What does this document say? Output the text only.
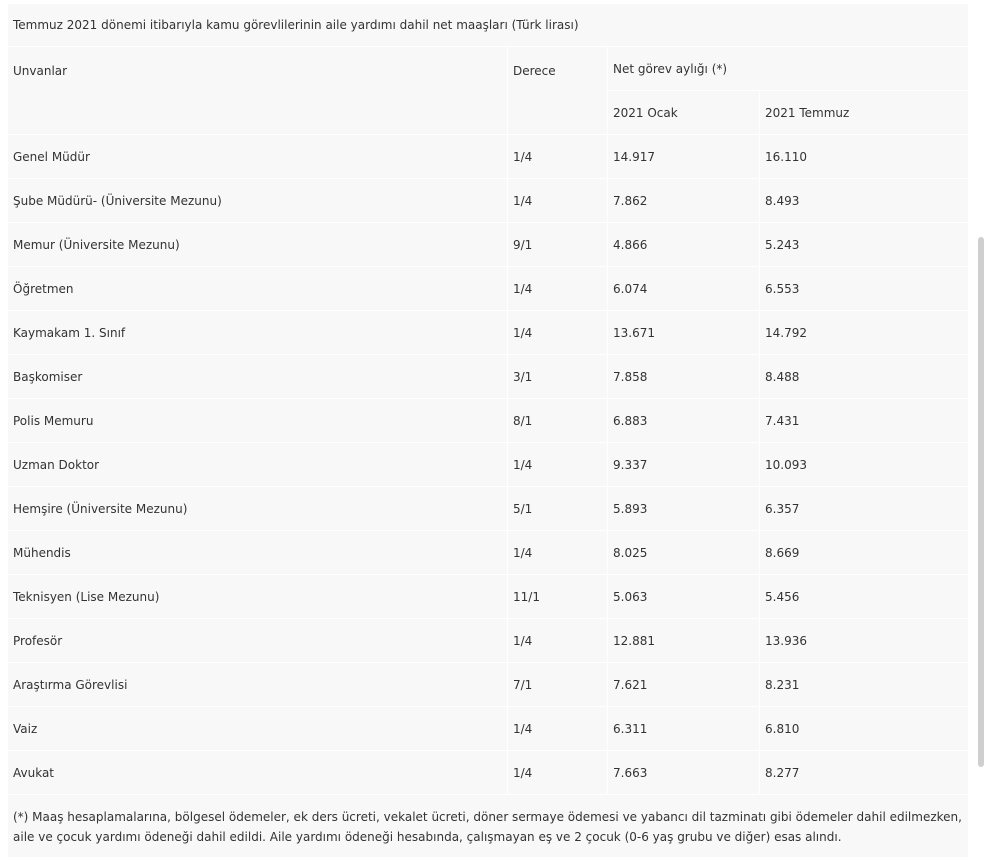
Temmuz 2021 dönemi itibarıyla kamu görevlilerinin aile yardımı dahil net maaşları (Türk lirası)			
Unvanlar	Derece	Net görev aylığı (*)	
		2021 Ocak	2021 Temmuz
Genel Müdür	1/4	14.917	16.110
Şube Müdürü- (Üniversite Mezunu)	1/4	7.862	8.493
Memur (Üniversite Mezunu)	9/1	4.866	5.243
Öğretmen	1/4	6.074	6.553
Kaymakam 1. Sınıf	1/4	13.671	14.792
Başkomiser	3/1	7.858	8.488
Polis Memuru	8/1	6.883	7.431
Uzman Doktor	1/4	9.337	10.093
Hemşire (Üniversite Mezunu)	5/1	5.893	6.357
Mühendis	1/4	8.025	8.669
Teknisyen (Lise Mezunu)	11/1	5.063	5.456
Profesör	1/4	12.881	13.936
Araştırma Görevlisi	7/1	7.621	8.231
Vaiz	1/4	6.311	6.810
Avukat	1/4	7.663	8.277
(*) Maaş hesaplamalarına, bölgesel ödemeler, ek ders ücreti, vekalet ücreti, döner sermaye ödemesi ve yabancı dil tazminatı gibi ödemeler dahil edilmezken, aile ve çocuk yardımı ödeneği dahil edildi. Aile yardımı ödeneği hesabında, çalışmayan eş ve 2 çocuk (0-6 yaş grubu ve diğer) esas alındı.			
